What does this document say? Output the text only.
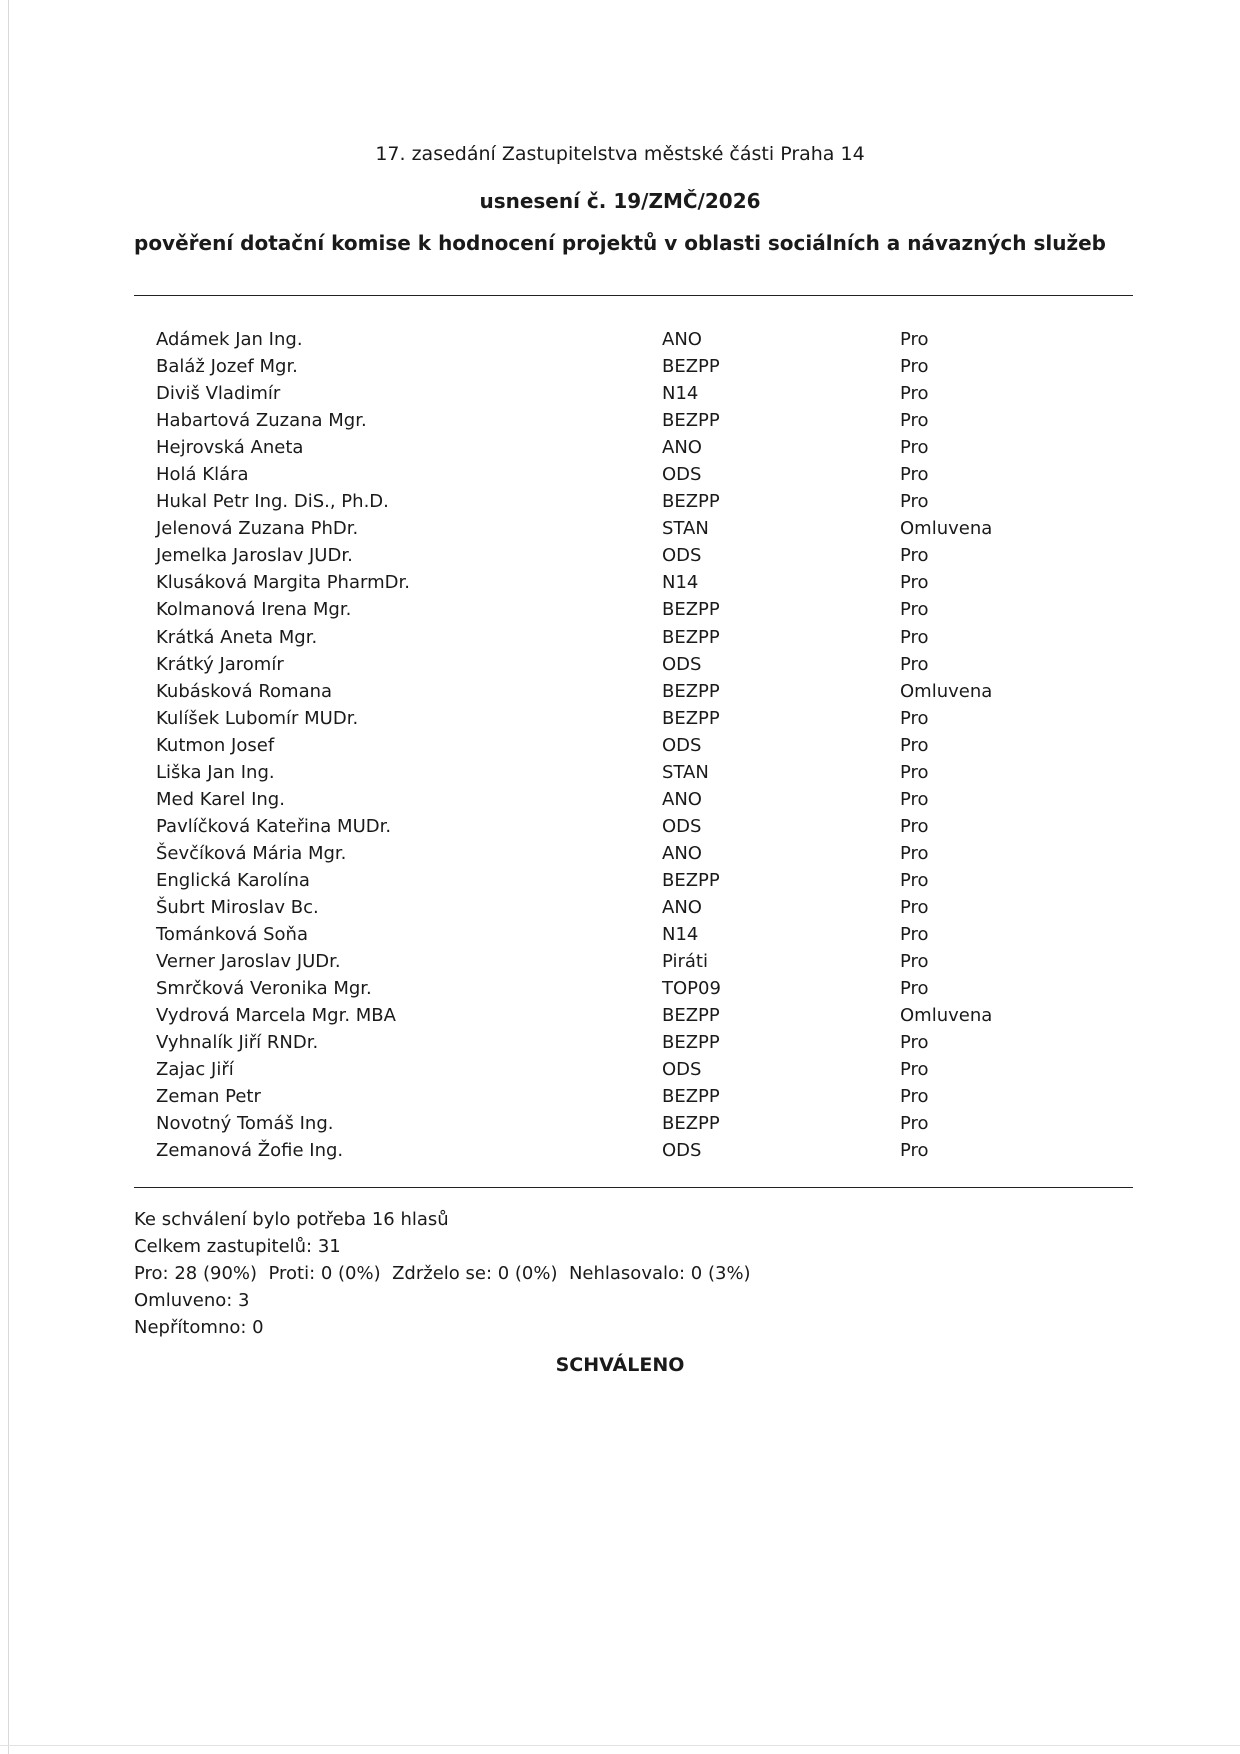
17. zasedání Zastupitelstva městské části Praha 14
usnesení č. 19/ZMČ/2026
pověření dotační komise k hodnocení projektů v oblasti sociálních a návazných služeb
Adámek Jan Ing.	ANO	Pro
Baláž Jozef Mgr.	BEZPP	Pro
Diviš Vladimír	N14	Pro
Habartová Zuzana Mgr.	BEZPP	Pro
Hejrovská Aneta	ANO	Pro
Holá Klára	ODS	Pro
Hukal Petr Ing. DiS., Ph.D.	BEZPP	Pro
Jelenová Zuzana PhDr.	STAN	Omluvena
Jemelka Jaroslav JUDr.	ODS	Pro
Klusáková Margita PharmDr.	N14	Pro
Kolmanová Irena Mgr.	BEZPP	Pro
Krátká Aneta Mgr.	BEZPP	Pro
Krátký Jaromír	ODS	Pro
Kubásková Romana	BEZPP	Omluvena
Kulíšek Lubomír MUDr.	BEZPP	Pro
Kutmon Josef	ODS	Pro
Liška Jan Ing.	STAN	Pro
Med Karel Ing.	ANO	Pro
Pavlíčková Kateřina MUDr.	ODS	Pro
Ševčíková Mária Mgr.	ANO	Pro
Englická Karolína	BEZPP	Pro
Šubrt Miroslav Bc.	ANO	Pro
Tománková Soňa	N14	Pro
Verner Jaroslav JUDr.	Piráti	Pro
Smrčková Veronika Mgr.	TOP09	Pro
Vydrová Marcela Mgr. MBA	BEZPP	Omluvena
Vyhnalík Jiří RNDr.	BEZPP	Pro
Zajac Jiří	ODS	Pro
Zeman Petr	BEZPP	Pro
Novotný Tomáš Ing.	BEZPP	Pro
Zemanová Žofie Ing.	ODS	Pro
Ke schválení bylo potřeba 16 hlasů
Celkem zastupitelů: 31
Pro: 28 (90%)  Proti: 0 (0%)  Zdrželo se: 0 (0%)  Nehlasovalo: 0 (3%)
Omluveno: 3
Nepřítomno: 0
SCHVÁLENO
